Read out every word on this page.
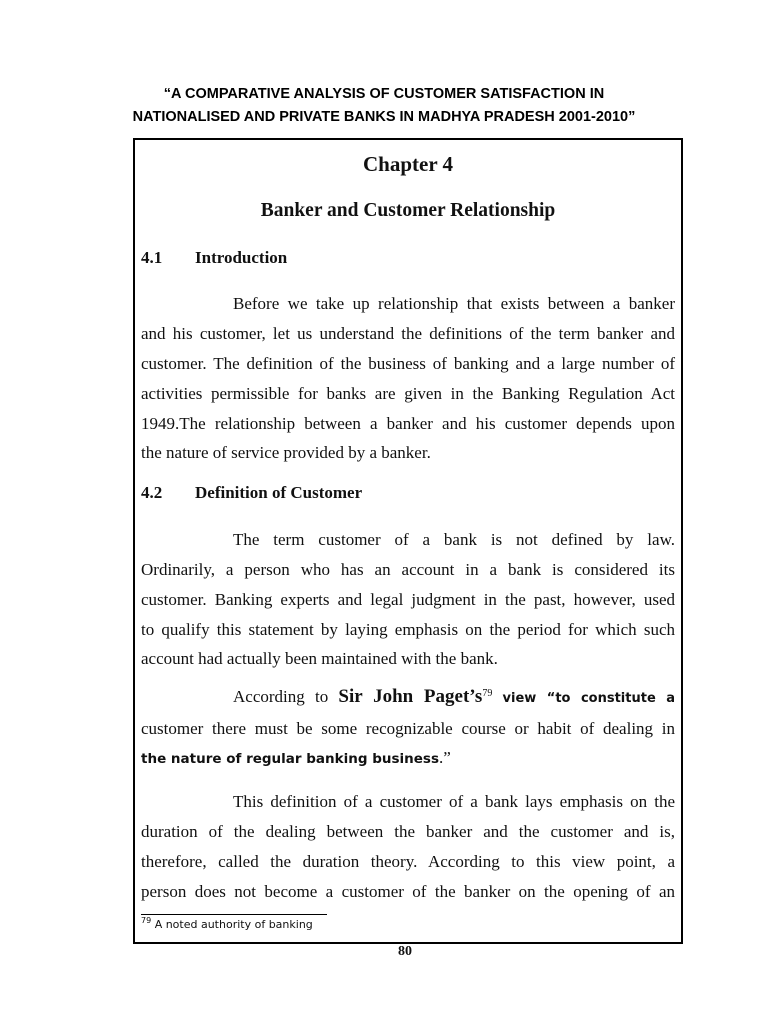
“A COMPARATIVE ANALYSIS OF CUSTOMER SATISFACTION IN
NATIONALISED AND PRIVATE BANKS IN MADHYA PRADESH 2001-2010”
Chapter 4
Banker and Customer Relationship
4.1 Introduction
Before we take up relationship that exists between a banker
and his customer, let us understand the definitions of the term banker and
customer. The definition of the business of banking and a large number of
activities permissible for banks are given in the Banking Regulation Act
1949.The relationship between a banker and his customer depends upon
the nature of service provided by a banker.
4.2 Definition of Customer
The term customer of a bank is not defined by law.
Ordinarily, a person who has an account in a bank is considered its
customer. Banking experts and legal judgment in the past, however, used
to qualify this statement by laying emphasis on the period for which such
account had actually been maintained with the bank.
According to Sir John $Paget’s^{79}$ view “to constitute a
customer there must be some recognizable course or habit of dealing in
the nature of regular banking business.”
This definition of a customer of a bank lays emphasis on the
duration of the dealing between the banker and the customer and is,
therefore, called the duration theory. According to this view point, a
person does not become a customer of the banker on the opening of an
$^{79}$ A noted authority of banking
80
